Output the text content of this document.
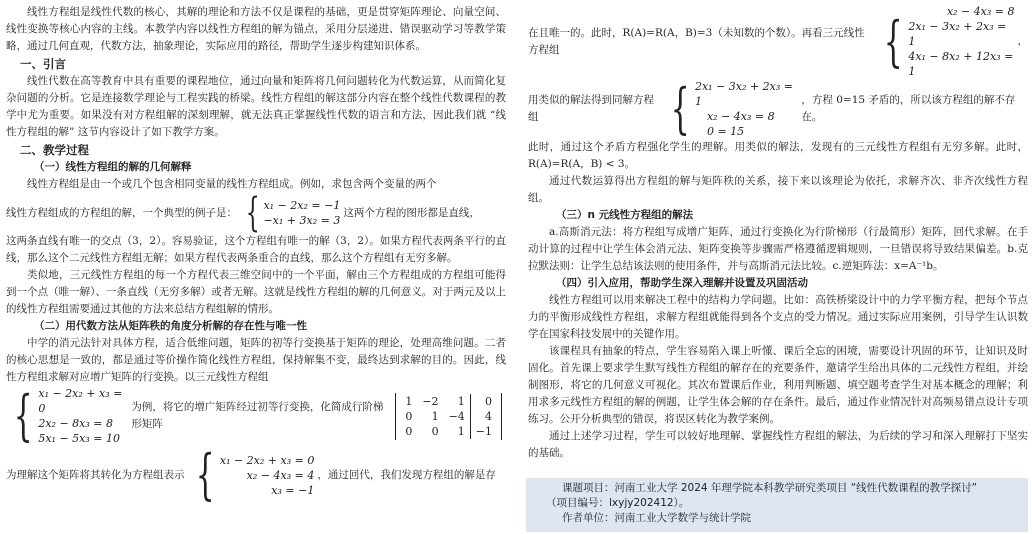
线性方程组是线性代数的核心，其解的理论和方法不仅是课程的基础，更是贯穿矩阵理论、向量空间、线性变换等核心内容的主线。本教学内容以线性方程组的解为锚点，采用分层递进、错误驱动学习等教学策略，通过几何直观，代数方法，抽象理论，实际应用的路径，帮助学生逐步构建知识体系。

一、引言

线性代数在高等教育中具有重要的课程地位，通过向量和矩阵将几何问题转化为代数运算，从而简化复杂问题的分析。它是连接数学理论与工程实践的桥梁。线性方程组的解这部分内容在整个线性代数课程的教学中尤为重要。如果没有对方程组解的深刻理解，就无法真正掌握线性代数的语言和方法，因此我们就 “线性方程组的解” 这节内容设计了如下教学方案。

二、教学过程
（一）线性方程组的解的几何解释

线性方程组是由一个或几个包含相同变量的线性方程组成。例如，求包含两个变量的两个

线性方程组成的方程组的解，一个典型的例子是： { x₁ − 2x₂ = −1
−x₁ + 3x₂ = 3
这两个方程的图形都是直线，

这两条直线有唯一的交点（3，2）。容易验证，这个方程组有唯一的解（3，2）。如果方程代表两条平行的直线，那么这个二元线性方程组无解；如果方程代表两条重合的直线，那么这个方程组有无穷多解。

类似地，三元线性方程组的每一个方程代表三维空间中的一个平面，解由三个方程组成的方程组可能得到一个点（唯一解）、一条直线（无穷多解）或者无解。这就是线性方程组的解的几何意义。对于两元及以上的线性方程组需要通过其他的方法来总结方程组解的情形。

（二）用代数方法从矩阵秩的角度分析解的存在性与唯一性

中学的消元法针对具体方程，适合低维问题，矩阵的初等行变换基于矩阵的理论，处理高维问题。二者的核心思想是一致的，都是通过等价操作简化线性方程组，保持解集不变，最终达到求解的目的。因此，线性方程组求解对应增广矩阵的行变换。以三元线性方程组

{ x₁ − 2x₂ + x₃ = 0
2x₂ − 8x₃ = 8
5x₁ − 5x₃ = 10
为例，将它的增广矩阵经过初等行变换，化简成行阶梯形矩阵
1	−2	1	0
0	1	−4	4
0	0	1	−1
为理解这个矩阵将其转化为方程组表示 { x₁ − 2x₂ + x₃ = 0
x₂ − 4x₃ = 4
x₃ = −1
，通过回代，我们发现方程组的解是存
在且唯一的。此时，R(A)=R(A，B)=3（未知数的个数）。再看三元线性方程组	{	x₂ − 4x₃ = 8
2x₁ − 3x₂ + 2x₃ = 1
4x₁ − 8x₂ + 12x₃ = 1
，
用类似的解法得到同解方程组	{ 2x₁ − 3x₂ + 2x₃ = 1
x₂ − 4x₃ = 8
0 = 15
，方程 0=15 矛盾的，所以该方程组的解不存在。

此时，通过这个矛盾方程强化学生的理解。用类似的解法，发现有的三元线性方程组有无穷多解。此时，R(A)=R(A，B) < 3。

通过代数运算得出方程组的解与矩阵秩的关系，接下来以该理论为依托，求解齐次、非齐次线性方程组。

（三）n 元线性方程组的解法

a.高斯消元法：将方程组写成增广矩阵，通过行变换化为行阶梯形（行最简形）矩阵，回代求解。在手动计算的过程中让学生体会消元法、矩阵变换等步骤需严格遵循逻辑规则，一旦错误将导致结果偏差。b.克拉默法则：让学生总结该法则的使用条件，并与高斯消元法比较。c.逆矩阵法：x=A⁻¹b。

（四）引入应用，帮助学生深入理解并设置及巩固活动

线性方程组可以用来解决工程中的结构力学问题。比如：高铁桥梁设计中的力学平衡方程，把每个节点力的平衡形成线性方程组，求解方程组就能得到各个支点的受力情况。通过实际应用案例，引导学生认识数学在国家科技发展中的关键作用。

该课程具有抽象的特点，学生容易陷入课上听懂、课后全忘的困境，需要设计巩固的环节，让知识及时固化。首先课上要求学生默写线性方程组的解存在的充要条件，邀请学生给出具体的二元线性方程组，并绘制图形，将它的几何意义可视化。其次布置课后作业，利用判断题、填空题考查学生对基本概念的理解；利用求多元线性方程组的解的例题，让学生体会解的存在条件。最后，通过作业情况针对高频易错点设计专项练习。公开分析典型的错误，将误区转化为教学案例。

通过上述学习过程，学生可以较好地理解、掌握线性方程组的解法，为后续的学习和深入理解打下坚实的基础。

课题项目：河南工业大学 2024 年理学院本科教学研究类项目 “线性代数课程的教学探讨”
（项目编号：lxyjy202412）。
作者单位：河南工业大学数学与统计学院
